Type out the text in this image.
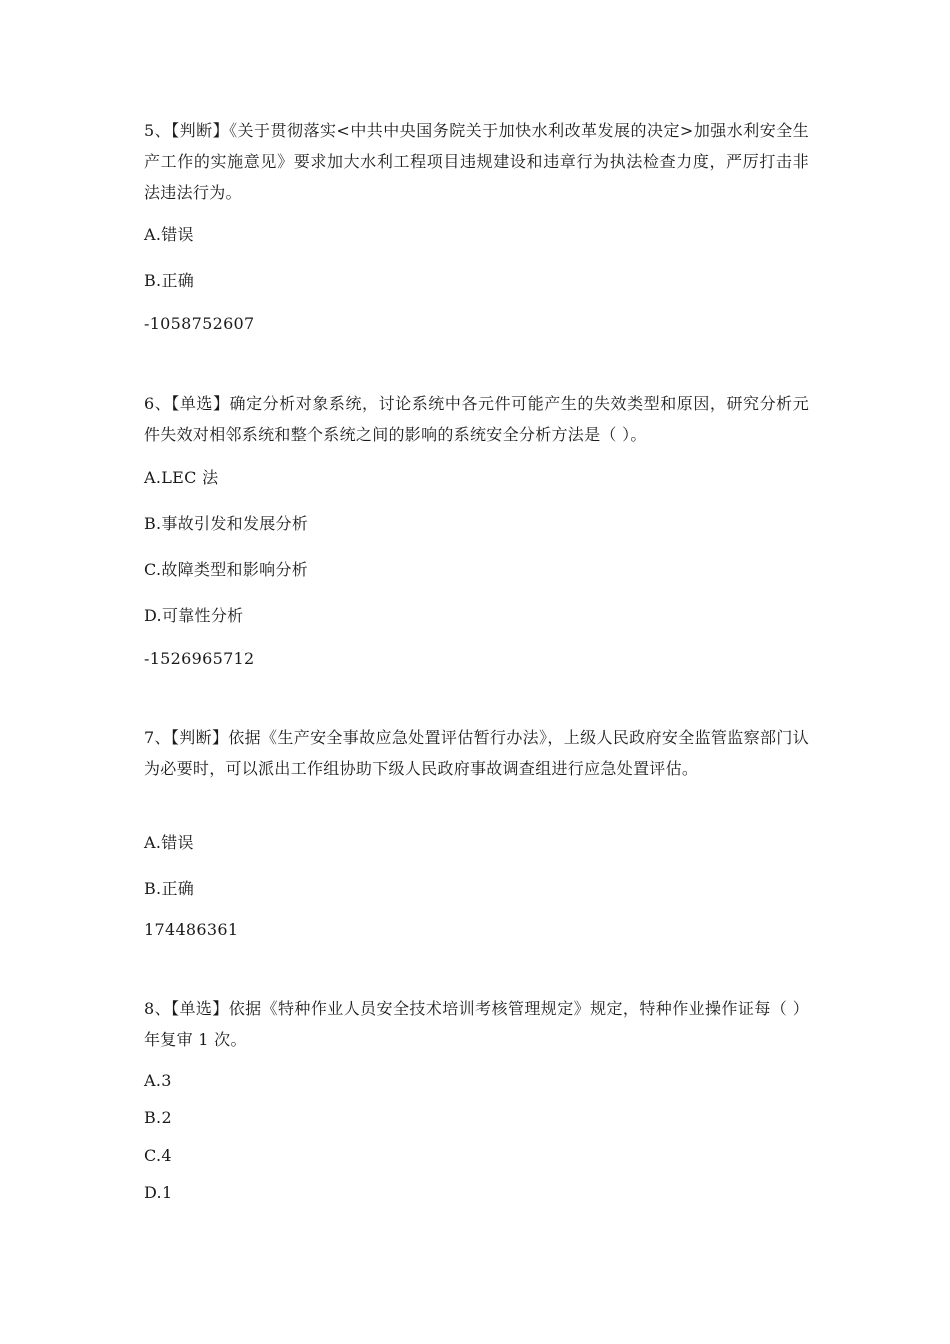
5、【判断】《关于贯彻落实<中共中央国务院关于加快水利改革发展的决定>加强水利安全生产工作的实施意见》要求加大水利工程项目违规建设和违章行为执法检查力度，严厉打击非法违法行为。

A.错误

B.正确

-1058752607

6、【单选】确定分析对象系统，讨论系统中各元件可能产生的失效类型和原因，研究分析元件失效对相邻系统和整个系统之间的影响的系统安全分析方法是（ ）。

A.LEC 法

B.事故引发和发展分析

C.故障类型和影响分析

D.可靠性分析

-1526965712

7、【判断】依据《生产安全事故应急处置评估暂行办法》，上级人民政府安全监管监察部门认为必要时，可以派出工作组协助下级人民政府事故调查组进行应急处置评估。

A.错误

B.正确

174486361

8、【单选】依据《特种作业人员安全技术培训考核管理规定》规定，特种作业操作证每（ ）年复审 1 次。

A.3

B.2

C.4

D.1
